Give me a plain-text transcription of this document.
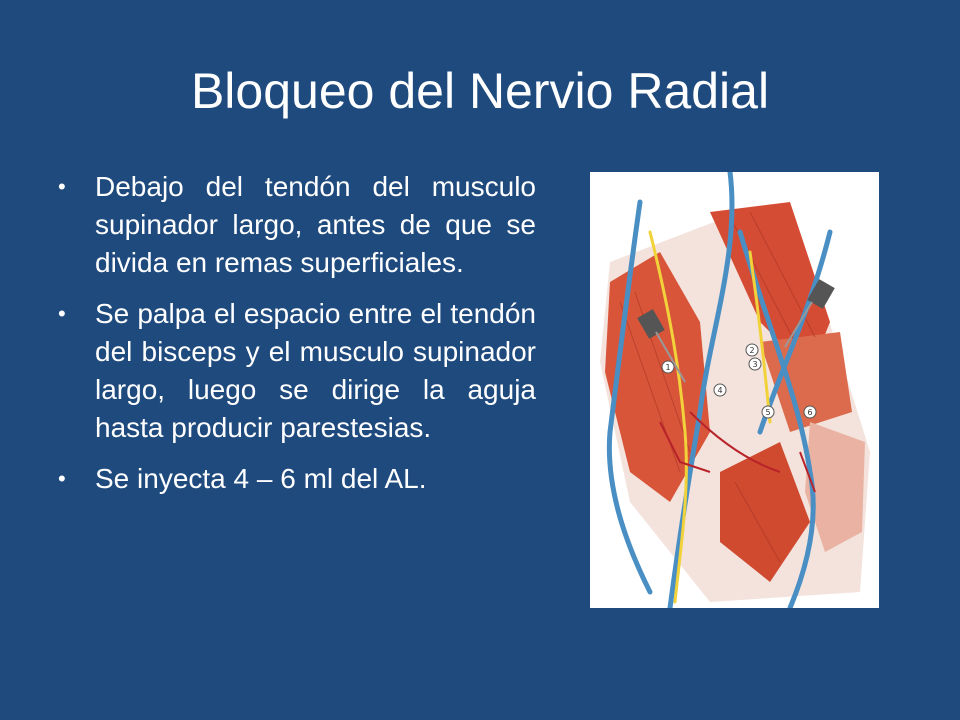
Bloqueo del Nervio Radial
• Debajo del tendón del musculo supinador largo, antes de que se divida en remas superficiales.
• Se palpa el espacio entre el tendón del bisceps y el musculo supinador largo, luego se dirige la aguja hasta producir parestesias.
• Se inyecta 4 – 6 ml del AL.
1
2
3
4
5	6
